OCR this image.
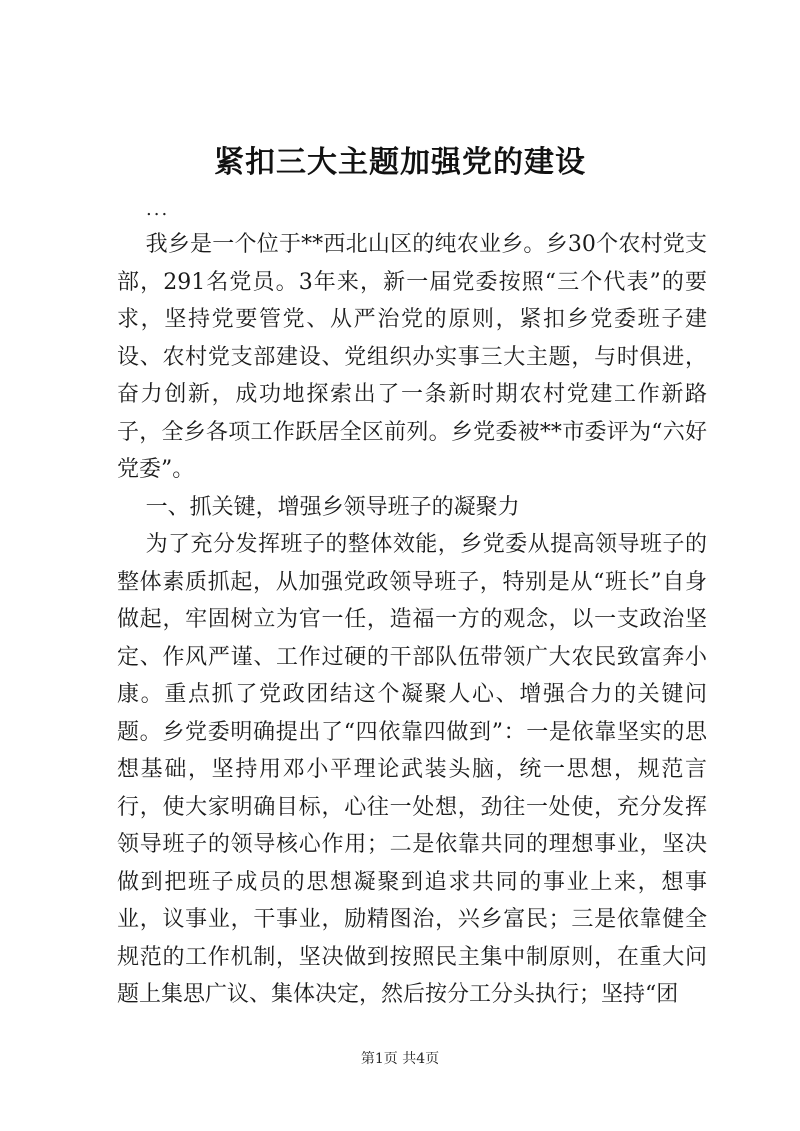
紧扣三大主题加强党的建设
...

我乡是一个位于**西北山区的纯农业乡。乡30个农村党支部，291名党员。3年来，新一届党委按照“三个代表”的要求，坚持党要管党、从严治党的原则，紧扣乡党委班子建设、农村党支部建设、党组织办实事三大主题，与时俱进，奋力创新，成功地探索出了一条新时期农村党建工作新路子，全乡各项工作跃居全区前列。乡党委被**市委评为“六好党委”。

一、抓关键，增强乡领导班子的凝聚力

为了充分发挥班子的整体效能，乡党委从提高领导班子的整体素质抓起，从加强党政领导班子，特别是从“班长”自身做起，牢固树立为官一任，造福一方的观念，以一支政治坚定、作风严谨、工作过硬的干部队伍带领广大农民致富奔小康。重点抓了党政团结这个凝聚人心、增强合力的关键问题。乡党委明确提出了“四依靠四做到”：一是依靠坚实的思想基础，坚持用邓小平理论武装头脑，统一思想，规范言行，使大家明确目标，心往一处想，劲往一处使，充分发挥领导班子的领导核心作用；二是依靠共同的理想事业，坚决做到把班子成员的思想凝聚到追求共同的事业上来，想事业，议事业，干事业，励精图治，兴乡富民；三是依靠健全规范的工作机制，坚决做到按照民主集中制原则，在重大问题上集思广议、集体决定，然后按分工分头执行；坚持“团

第1页 共4页
